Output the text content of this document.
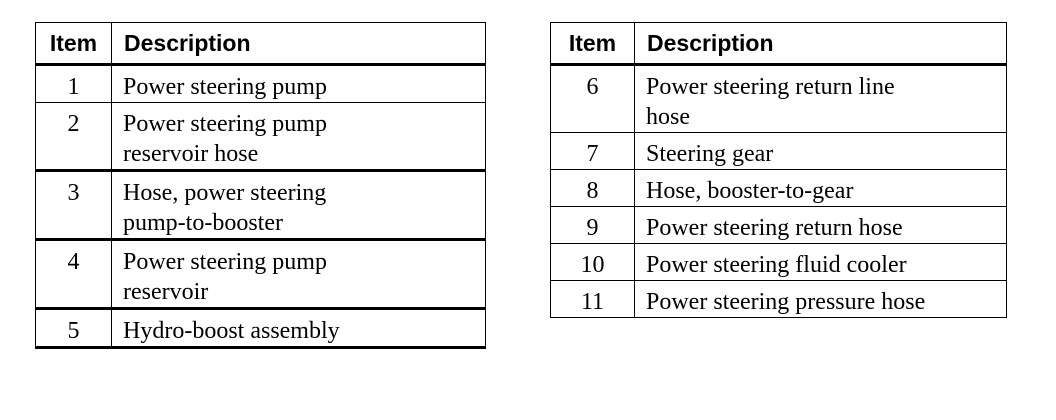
Item	Description
1	Power steering pump
2	Power steering pump
reservoir hose
3	Hose, power steering
pump-to-booster
4	Power steering pump
reservoir
5	Hydro-boost assembly
Item	Description
6	Power steering return line
hose
7	Steering gear
8	Hose, booster-to-gear
9	Power steering return hose
10	Power steering fluid cooler
11	Power steering pressure hose
